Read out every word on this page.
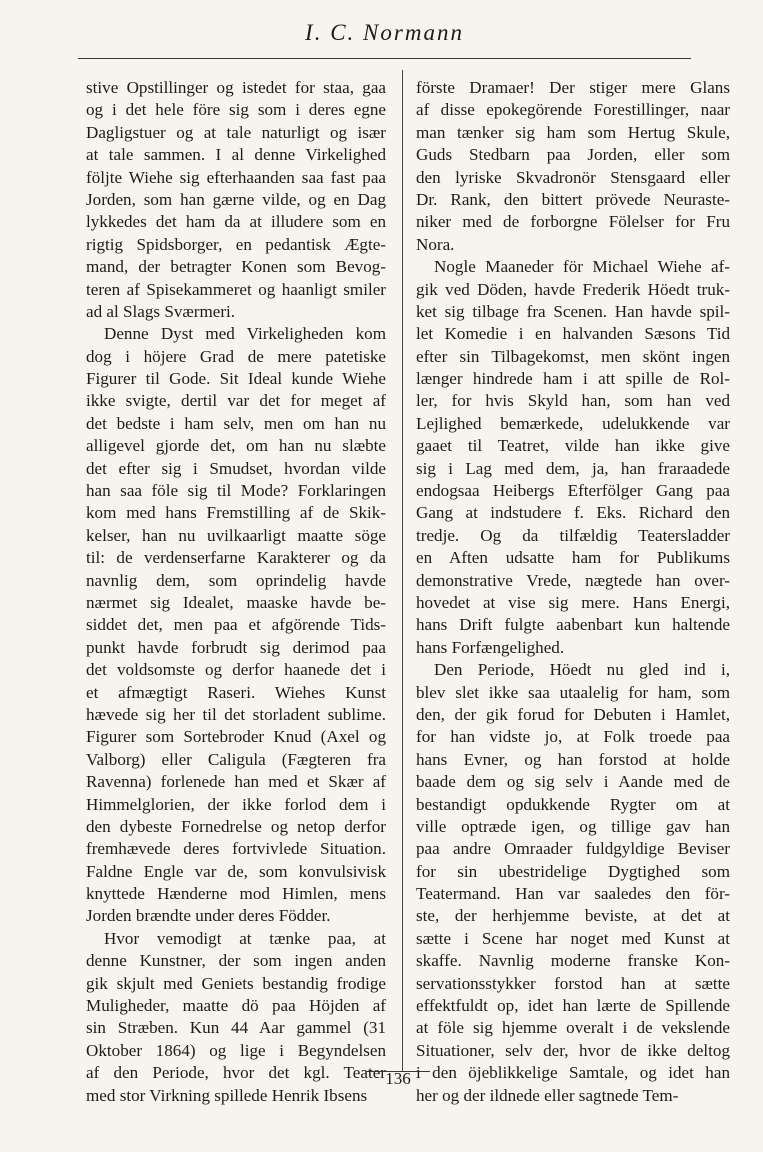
I. C. Normann
stive Opstillinger og istedet for staa, gaa
og i det hele före sig som i deres egne
Dagligstuer og at tale naturligt og især
at tale sammen. I al denne Virkelighed
följte Wiehe sig efterhaanden saa fast paa
Jorden, som han gærne vilde, og en Dag
lykkedes det ham da at illudere som en
rigtig Spidsborger, en pedantisk Ægte-
mand, der betragter Konen som Bevog-
teren af Spisekammeret og haanligt smiler
ad al Slags Sværmeri.
Denne Dyst med Virkeligheden kom
dog i höjere Grad de mere patetiske
Figurer til Gode. Sit Ideal kunde Wiehe
ikke svigte, dertil var det for meget af
det bedste i ham selv, men om han nu
alligevel gjorde det, om han nu slæbte
det efter sig i Smudset, hvordan vilde
han saa föle sig til Mode? Forklaringen
kom med hans Fremstilling af de Skik-
kelser, han nu uvilkaarligt maatte söge
til: de verdenserfarne Karakterer og da
navnlig dem, som oprindelig havde
nærmet sig Idealet, maaske havde be-
siddet det, men paa et afgörende Tids-
punkt havde forbrudt sig derimod paa
det voldsomste og derfor haanede det i
et afmægtigt Raseri. Wiehes Kunst
hævede sig her til det storladent sublime.
Figurer som Sortebroder Knud (Axel og
Valborg) eller Caligula (Fægteren fra
Ravenna) forlenede han med et Skær af
Himmelglorien, der ikke forlod dem i
den dybeste Fornedrelse og netop derfor
fremhævede deres fortvivlede Situation.
Faldne Engle var de, som konvulsivisk
knyttede Hænderne mod Himlen, mens
Jorden brændte under deres Födder.
Hvor vemodigt at tænke paa, at
denne Kunstner, der som ingen anden
gik skjult med Geniets bestandig frodige
Muligheder, maatte dö paa Höjden af
sin Stræben. Kun 44 Aar gammel (31
Oktober 1864) og lige i Begyndelsen
af den Periode, hvor det kgl. Teater
med stor Virkning spillede Henrik Ibsens
förste Dramaer! Der stiger mere Glans
af disse epokegörende Forestillinger, naar
man tænker sig ham som Hertug Skule,
Guds Stedbarn paa Jorden, eller som
den lyriske Skvadronör Stensgaard eller
Dr. Rank, den bittert prövede Neuraste-
niker med de forborgne Fölelser for Fru
Nora.
Nogle Maaneder för Michael Wiehe af-
gik ved Döden, havde Frederik Höedt truk-
ket sig tilbage fra Scenen. Han havde spil-
let Komedie i en halvanden Sæsons Tid
efter sin Tilbagekomst, men skönt ingen
længer hindrede ham i att spille de Rol-
ler, for hvis Skyld han, som han ved
Lejlighed bemærkede, udelukkende var
gaaet til Teatret, vilde han ikke give
sig i Lag med dem, ja, han fraraadede
endogsaa Heibergs Efterfölger Gang paa
Gang at indstudere f. Eks. Richard den
tredje. Og da tilfældig Teatersladder
en Aften udsatte ham for Publikums
demonstrative Vrede, nægtede han over-
hovedet at vise sig mere. Hans Energi,
hans Drift fulgte aabenbart kun haltende
hans Forfængelighed.
Den Periode, Höedt nu gled ind i,
blev slet ikke saa utaalelig for ham, som
den, der gik forud for Debuten i Hamlet,
for han vidste jo, at Folk troede paa
hans Evner, og han forstod at holde
baade dem og sig selv i Aande med de
bestandigt opdukkende Rygter om at
ville optræde igen, og tillige gav han
paa andre Omraader fuldgyldige Beviser
for sin ubestridelige Dygtighed som
Teatermand. Han var saaledes den för-
ste, der herhjemme beviste, at det at
sætte i Scene har noget med Kunst at
skaffe. Navnlig moderne franske Kon-
servationsstykker forstod han at sætte
effektfuldt op, idet han lærte de Spillende
at föle sig hjemme overalt i de vekslende
Situationer, selv der, hvor de ikke deltog
i den öjeblikkelige Samtale, og idet han
her og der ildnede eller sagtnede Tem-
136
